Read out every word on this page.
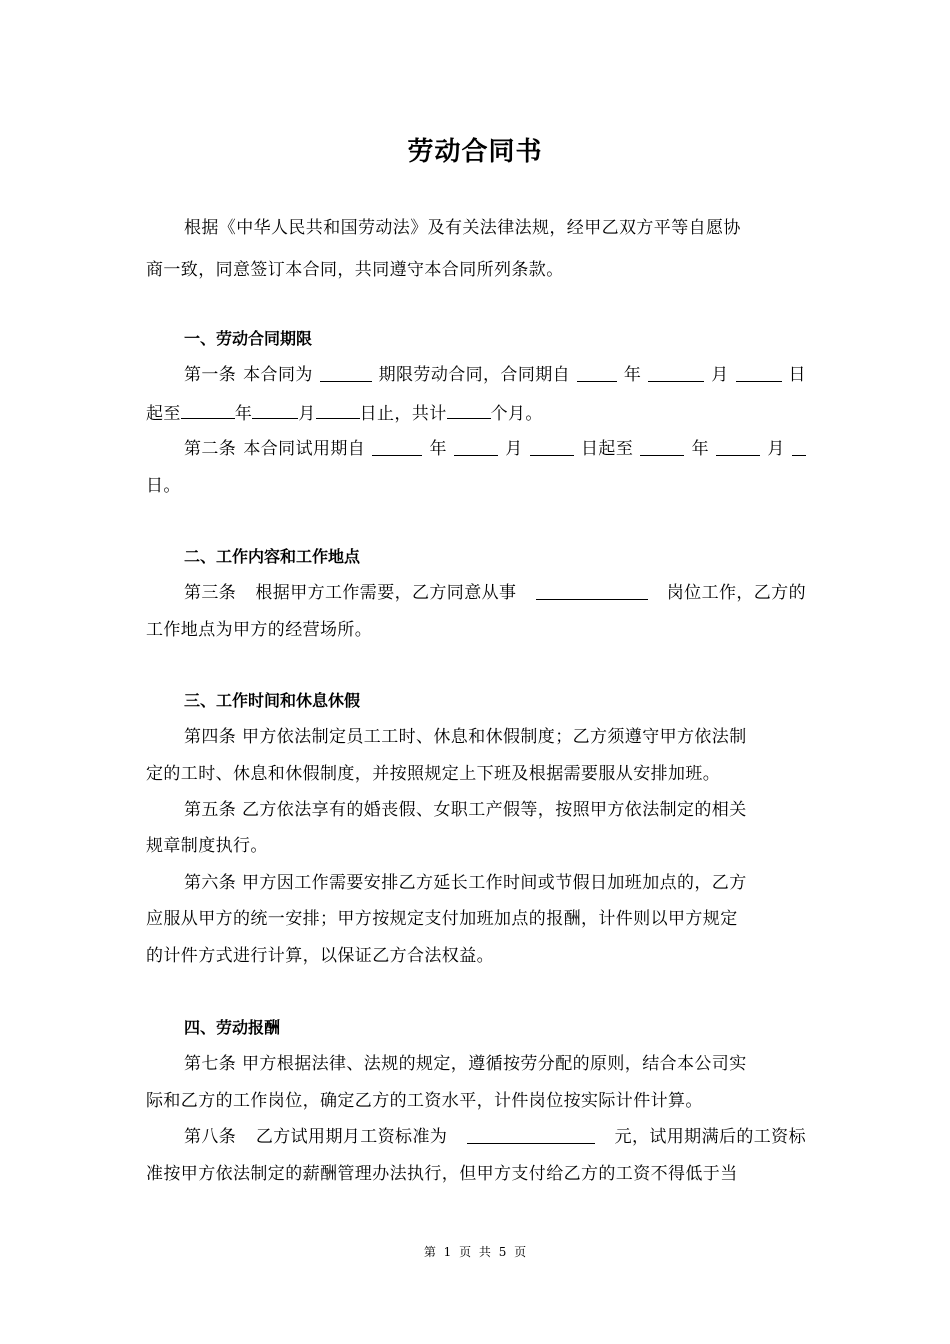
劳动合同书
根据《中华人民共和国劳动法》及有关法律法规，经甲乙双方平等自愿协
商一致，同意签订本合同，共同遵守本合同所列条款。
一、劳动合同期限
第一条 本合同为	期限劳动合同，合同期自	年	月	日
起至	年	月	日止，共计	个月。
第二条 本合同试用期自	年	月	日起至	年	月
日。
二、工作内容和工作地点
第三条 根据甲方工作需要，乙方同意从事	岗位工作，乙方的
工作地点为甲方的经营场所。
三、工作时间和休息休假
第四条 甲方依法制定员工工时、休息和休假制度；乙方须遵守甲方依法制
定的工时、休息和休假制度，并按照规定上下班及根据需要服从安排加班。
第五条 乙方依法享有的婚丧假、女职工产假等，按照甲方依法制定的相关
规章制度执行。
第六条 甲方因工作需要安排乙方延长工作时间或节假日加班加点的，乙方
应服从甲方的统一安排；甲方按规定支付加班加点的报酬，计件则以甲方规定
的计件方式进行计算，以保证乙方合法权益。
四、劳动报酬
第七条 甲方根据法律、法规的规定，遵循按劳分配的原则，结合本公司实
际和乙方的工作岗位，确定乙方的工资水平，计件岗位按实际计件计算。
第八条 乙方试用期月工资标准为	元，试用期满后的工资标
准按甲方依法制定的薪酬管理办法执行，但甲方支付给乙方的工资不得低于当
第 1 页 共 5 页
